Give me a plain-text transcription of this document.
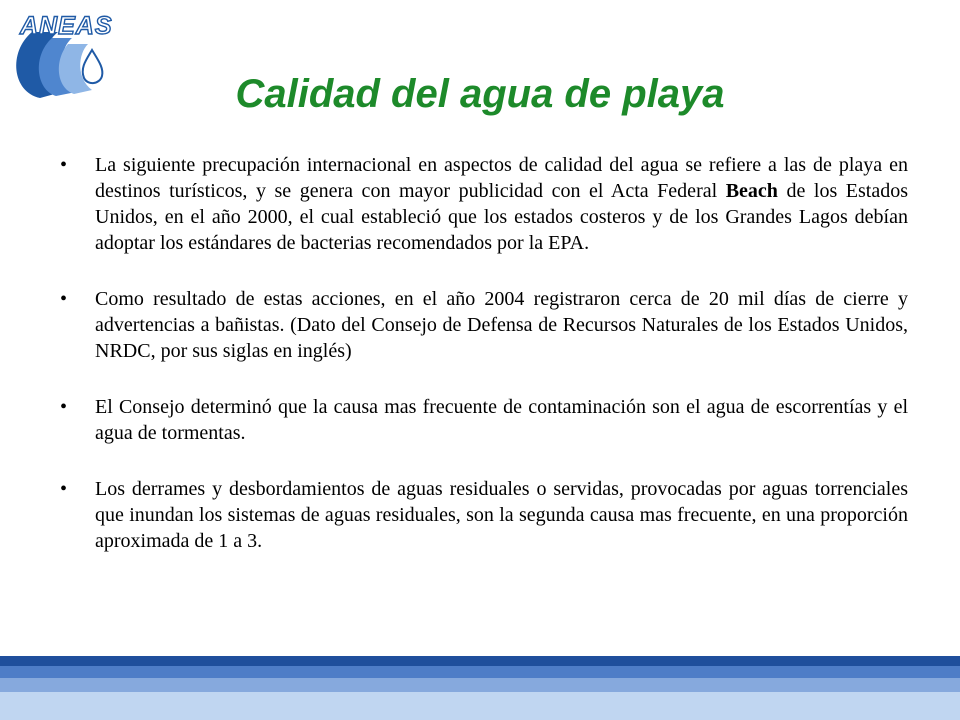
ANEAS
Calidad del agua de playa
•	La siguiente precupación internacional en aspectos de calidad del agua se refiere a las de playa en destinos turísticos, y se genera con mayor publicidad con el Acta Federal Beach de los Estados Unidos, en el año 2000, el cual estableció que los estados costeros y de los Grandes Lagos debían adoptar los estándares de bacterias recomendados por la EPA.
•	Como resultado de estas acciones, en el año 2004 registraron cerca de 20 mil días de cierre y advertencias a bañistas. (Dato del Consejo de Defensa de Recursos Naturales de los Estados Unidos, NRDC, por sus siglas en inglés)
•	El Consejo determinó que la causa mas frecuente de contaminación son el agua de escorrentías y el agua de tormentas.
•	Los derrames y desbordamientos de aguas residuales o servidas, provocadas por aguas torrenciales que inundan los sistemas de aguas residuales, son la segunda causa mas frecuente, en una proporción aproximada de 1 a 3.
